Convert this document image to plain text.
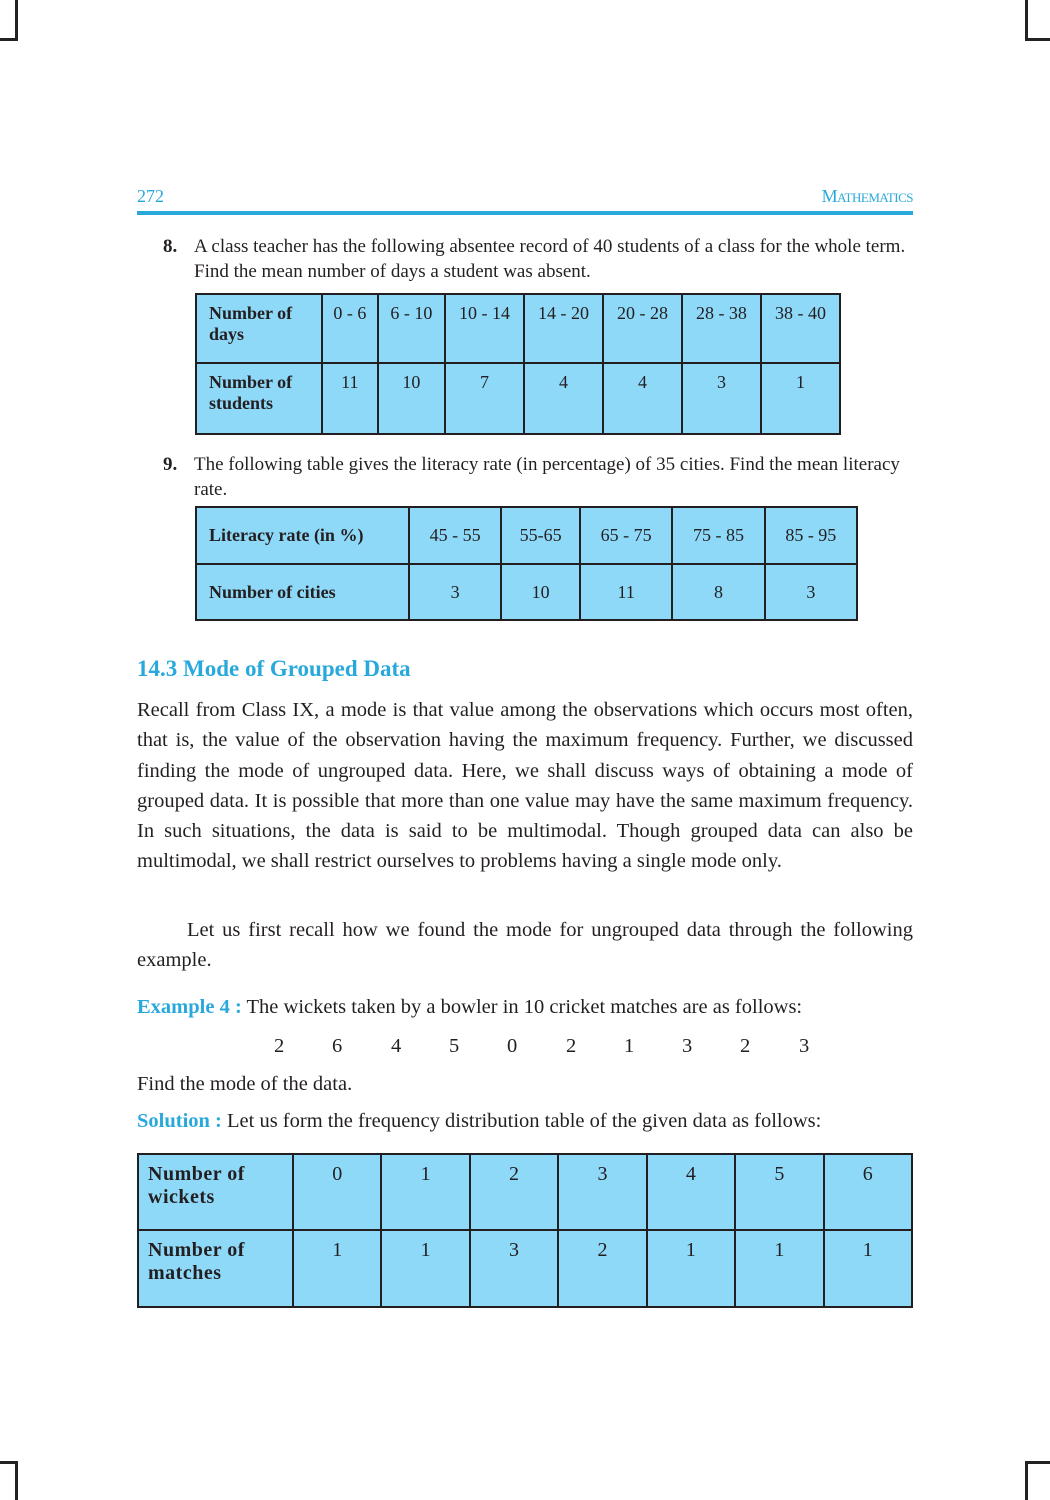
272	Mathematics
8. A class teacher has the following absentee record of 40 students of a class for the whole term. Find the mean number of days a student was absent.
Number of days	0 - 6	6 - 10	10 - 14	14 - 20	20 - 28	28 - 38	38 - 40
Number of students	11	10	7	4	4	3	1
9. The following table gives the literacy rate (in percentage) of 35 cities. Find the mean literacy rate.
Literacy rate (in %)	45 - 55	55-65	65 - 75	75 - 85	85 - 95
Number of cities	3	10	11	8	3
14.3 Mode of Grouped Data
Recall from Class IX, a mode is that value among the observations which occurs most often, that is, the value of the observation having the maximum frequency. Further, we discussed finding the mode of ungrouped data. Here, we shall discuss ways of obtaining a mode of grouped data. It is possible that more than one value may have the same maximum frequency. In such situations, the data is said to be multimodal. Though grouped data can also be multimodal, we shall restrict ourselves to problems having a single mode only.
Let us first recall how we found the mode for ungrouped data through the following example.
Example 4 : The wickets taken by a bowler in 10 cricket matches are as follows:
2 6 4 5 0 2 1 3 2 3
Find the mode of the data.
Solution : Let us form the frequency distribution table of the given data as follows:
Number of wickets	0	1	2	3	4	5	6
Number of matches	1	1	3	2	1	1	1
